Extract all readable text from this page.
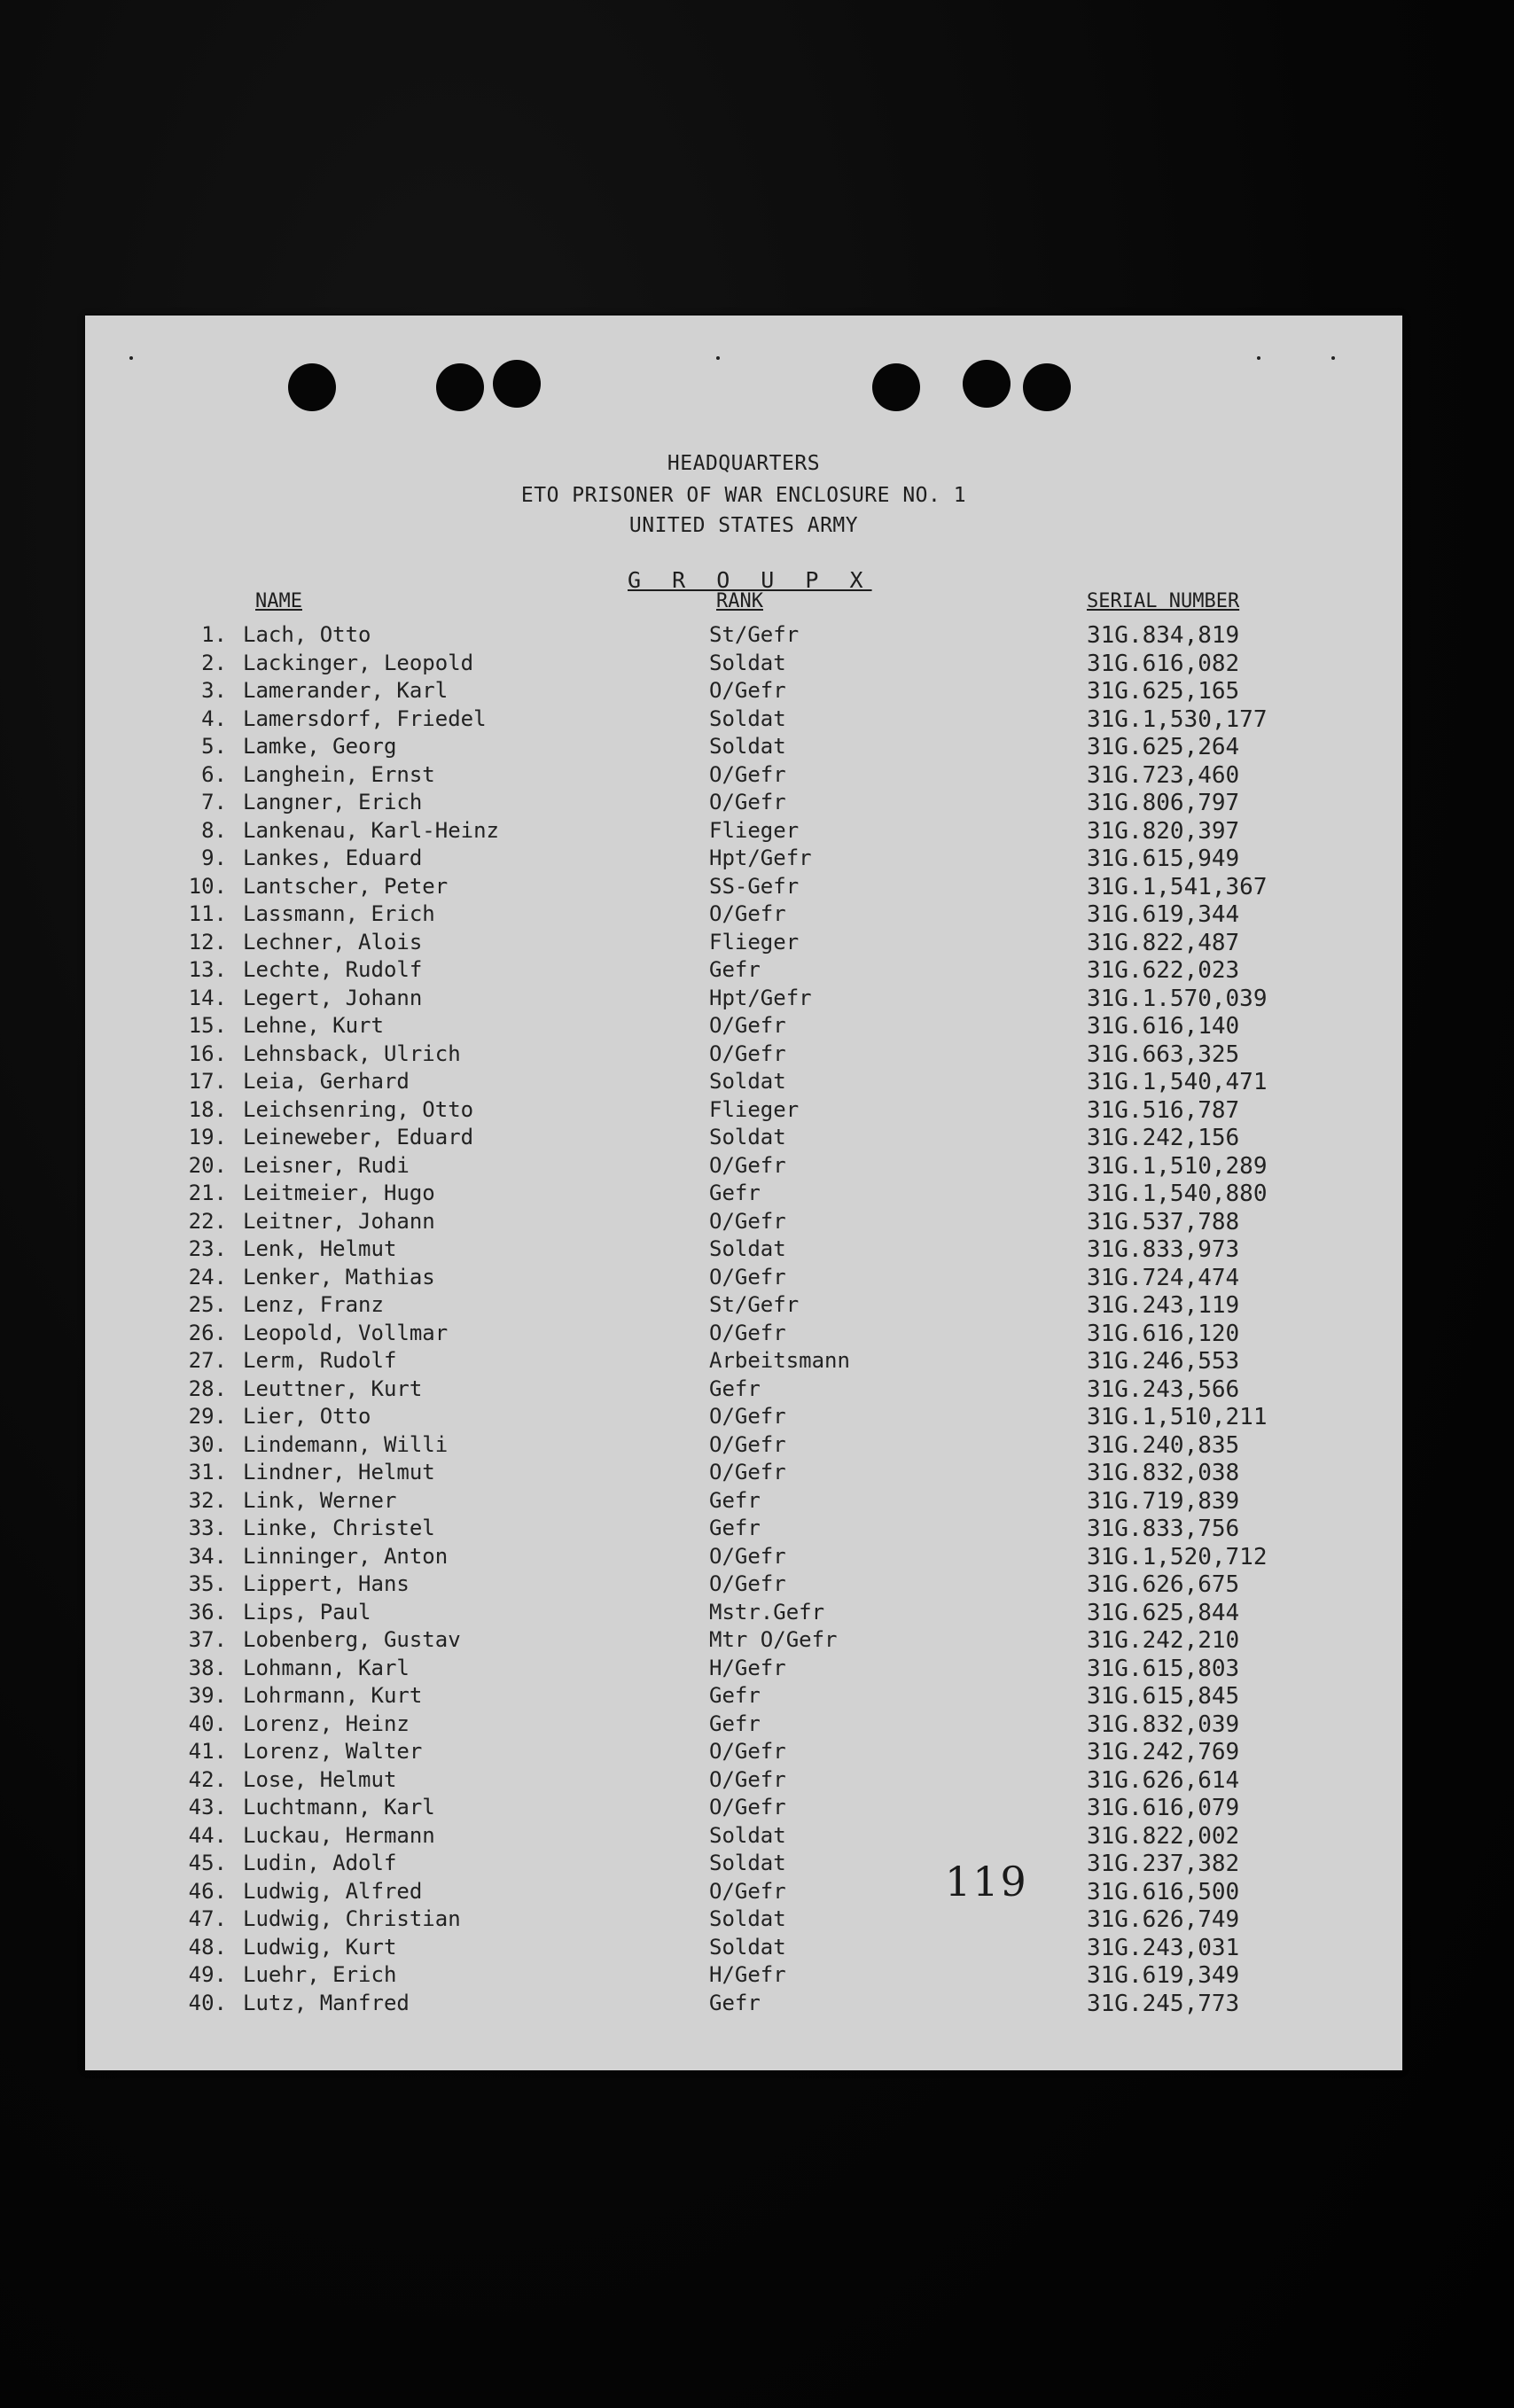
HEADQUARTERS
ETO PRISONER OF WAR ENCLOSURE NO. 1
UNITED STATES ARMY
G R O U P X
NAME	RANK	SERIAL NUMBER
1. Lach, Otto	St/Gefr	31G.834,819
2. Lackinger, Leopold	Soldat	31G.616,082
3. Lamerander, Karl	O/Gefr	31G.625,165
4. Lamersdorf, Friedel	Soldat	31G.1,530,177
5. Lamke, Georg	Soldat	31G.625,264
6. Langhein, Ernst	O/Gefr	31G.723,460
7. Langner, Erich	O/Gefr	31G.806,797
8. Lankenau, Karl-Heinz	Flieger	31G.820,397
9. Lankes, Eduard	Hpt/Gefr	31G.615,949
10. Lantscher, Peter	SS-Gefr	31G.1,541,367
11. Lassmann, Erich	O/Gefr	31G.619,344
12. Lechner, Alois	Flieger	31G.822,487
13. Lechte, Rudolf	Gefr	31G.622,023
14. Legert, Johann	Hpt/Gefr	31G.1.570,039
15. Lehne, Kurt	O/Gefr	31G.616,140
16. Lehnsback, Ulrich	O/Gefr	31G.663,325
17. Leia, Gerhard	Soldat	31G.1,540,471
18. Leichsenring, Otto	Flieger	31G.516,787
19. Leineweber, Eduard	Soldat	31G.242,156
20. Leisner, Rudi	O/Gefr	31G.1,510,289
21. Leitmeier, Hugo	Gefr	31G.1,540,880
22. Leitner, Johann	O/Gefr	31G.537,788
23. Lenk, Helmut	Soldat	31G.833,973
24. Lenker, Mathias	O/Gefr	31G.724,474
25. Lenz, Franz	St/Gefr	31G.243,119
26. Leopold, Vollmar	O/Gefr	31G.616,120
27. Lerm, Rudolf	Arbeitsmann	31G.246,553
28. Leuttner, Kurt	Gefr	31G.243,566
29. Lier, Otto	O/Gefr	31G.1,510,211
30. Lindemann, Willi	O/Gefr	31G.240,835
31. Lindner, Helmut	O/Gefr	31G.832,038
32. Link, Werner	Gefr	31G.719,839
33. Linke, Christel	Gefr	31G.833,756
34. Linninger, Anton	O/Gefr	31G.1,520,712
35. Lippert, Hans	O/Gefr	31G.626,675
36. Lips, Paul	Mstr.Gefr	31G.625,844
37. Lobenberg, Gustav	Mtr O/Gefr	31G.242,210
38. Lohmann, Karl	H/Gefr	31G.615,803
39. Lohrmann, Kurt	Gefr	31G.615,845
40. Lorenz, Heinz	Gefr	31G.832,039
41. Lorenz, Walter	O/Gefr	31G.242,769
42. Lose, Helmut	O/Gefr	31G.626,614
43. Luchtmann, Karl	O/Gefr	31G.616,079
44. Luckau, Hermann	Soldat	31G.822,002
45. Ludin, Adolf	Soldat	31G.237,382
46. Ludwig, Alfred	O/Gefr	31G.616,500
47. Ludwig, Christian	Soldat	31G.626,749
48. Ludwig, Kurt	Soldat	31G.243,031
49. Luehr, Erich	H/Gefr	31G.619,349
40. Lutz, Manfred	Gefr	31G.245,773
119
